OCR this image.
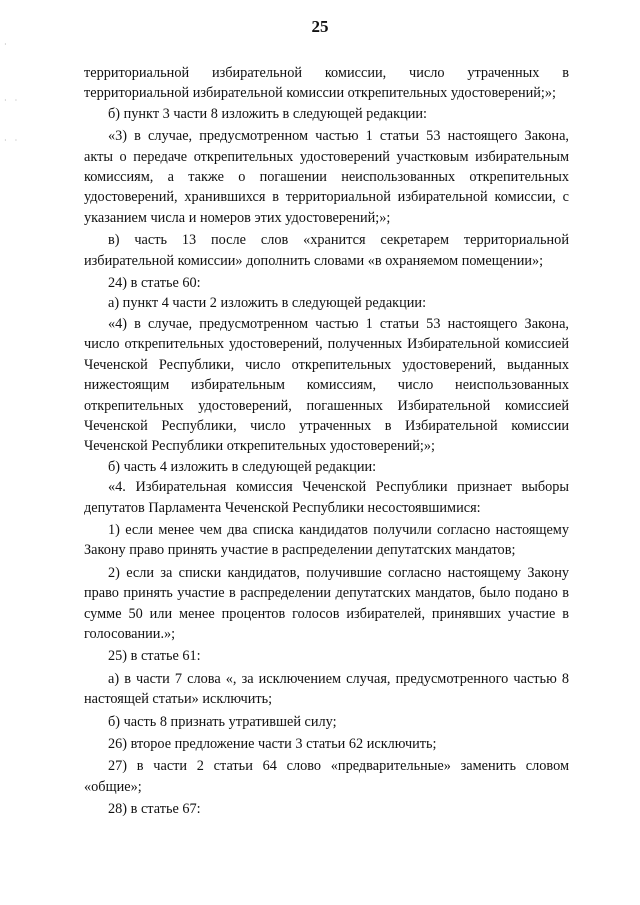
25
·
· ·
· ·

территориальной избирательной комиссии, число утраченных в территориальной избирательной комиссии открепительных удостоверений;»;

б) пункт 3 части 8 изложить в следующей редакции:

«3) в случае, предусмотренном частью 1 статьи 53 настоящего Закона, акты о передаче открепительных удостоверений участковым избирательным комиссиям, а также о погашении неиспользованных открепительных удостоверений, хранившихся в территориальной избирательной комиссии, с указанием числа и номеров этих удостоверений;»;

в) часть 13 после слов «хранится секретарем территориальной избирательной комиссии» дополнить словами «в охраняемом помещении»;

24) в статье 60:

а) пункт 4 части 2 изложить в следующей редакции:

«4) в случае, предусмотренном частью 1 статьи 53 настоящего Закона, число открепительных удостоверений, полученных Избирательной комиссией Чеченской Республики, число открепительных удостоверений, выданных нижестоящим избирательным комиссиям, число неиспользованных открепительных удостоверений, погашенных Избирательной комиссией Чеченской Республики, число утраченных в Избирательной комиссии Чеченской Республики открепительных удостоверений;»;

б) часть 4 изложить в следующей редакции:

«4. Избирательная комиссия Чеченской Республики признает выборы депутатов Парламента Чеченской Республики несостоявшимися:

1) если менее чем два списка кандидатов получили согласно настоящему Закону право принять участие в распределении депутатских мандатов;

2) если за списки кандидатов, получившие согласно настоящему Закону право принять участие в распределении депутатских мандатов, было подано в сумме 50 или менее процентов голосов избирателей, принявших участие в голосовании.»;

25) в статье 61:

а) в части 7 слова «, за исключением случая, предусмотренного частью 8 настоящей статьи» исключить;

б) часть 8 признать утратившей силу;

26) второе предложение части 3 статьи 62 исключить;

27) в части 2 статьи 64 слово «предварительные» заменить словом «общие»;

28) в статье 67:
